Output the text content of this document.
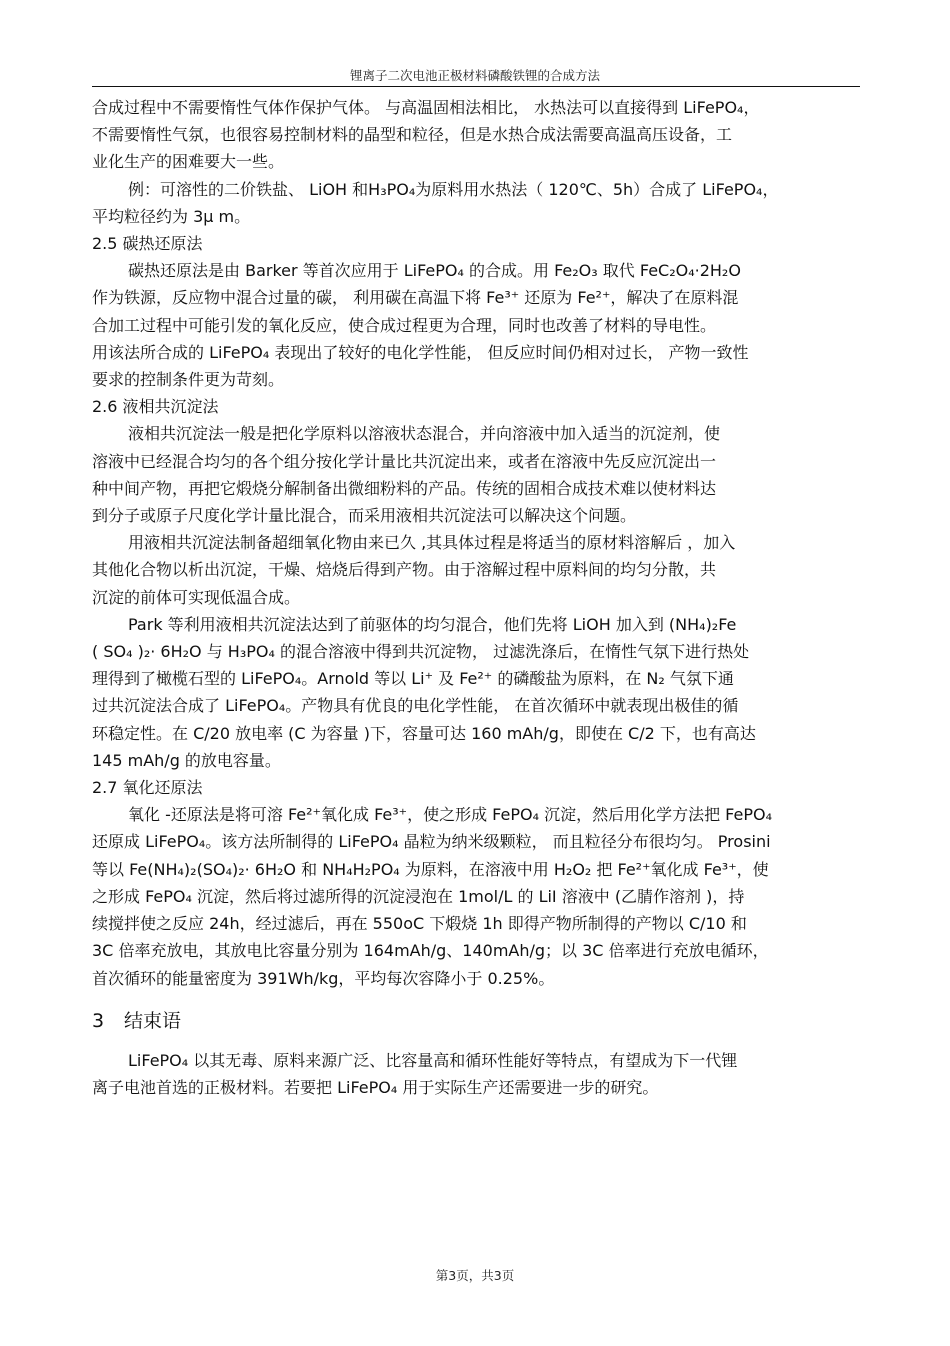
锂离子二次电池正极材料磷酸铁锂的合成方法
合成过程中不需要惰性气体作保护气体。 与高温固相法相比， 水热法可以直接得到 LiFePO₄，
不需要惰性气氛，也很容易控制材料的晶型和粒径，但是水热合成法需要高温高压设备，工
业化生产的困难要大一些。
例：可溶性的二价铁盐、 LiOH 和H₃PO₄为原料用水热法（ 120℃、5h）合成了 LiFePO₄，
平均粒径约为 3μ m。
2.5 碳热还原法
碳热还原法是由 Barker 等首次应用于 LiFePO₄ 的合成。用 Fe₂O₃ 取代 FeC₂O₄·2H₂O
作为铁源，反应物中混合过量的碳， 利用碳在高温下将 Fe³⁺ 还原为 Fe²⁺，解决了在原料混
合加工过程中可能引发的氧化反应，使合成过程更为合理，同时也改善了材料的导电性。
用该法所合成的 LiFePO₄ 表现出了较好的电化学性能， 但反应时间仍相对过长， 产物一致性
要求的控制条件更为苛刻。
2.6 液相共沉淀法
液相共沉淀法一般是把化学原料以溶液状态混合，并向溶液中加入适当的沉淀剂，使
溶液中已经混合均匀的各个组分按化学计量比共沉淀出来，或者在溶液中先反应沉淀出一
种中间产物，再把它煅烧分解制备出微细粉料的产品。传统的固相合成技术难以使材料达
到分子或原子尺度化学计量比混合，而采用液相共沉淀法可以解决这个问题。
用液相共沉淀法制备超细氧化物由来已久 ,其具体过程是将适当的原材料溶解后 ，加入
其他化合物以析出沉淀，干燥、焙烧后得到产物。由于溶解过程中原料间的均匀分散，共
沉淀的前体可实现低温合成。
Park 等利用液相共沉淀法达到了前驱体的均匀混合，他们先将 LiOH 加入到 (NH₄)₂Fe
( SO₄ )₂· 6H₂O 与 H₃PO₄ 的混合溶液中得到共沉淀物， 过滤洗涤后，在惰性气氛下进行热处
理得到了橄榄石型的 LiFePO₄。Arnold 等以 Li⁺ 及 Fe²⁺ 的磷酸盐为原料，在 N₂ 气氛下通
过共沉淀法合成了 LiFePO₄。产物具有优良的电化学性能， 在首次循环中就表现出极佳的循
环稳定性。在 C/20 放电率 (C 为容量 )下，容量可达 160 mAh/g，即使在 C/2 下，也有高达
145 mAh/g 的放电容量。
2.7 氧化还原法
氧化 -还原法是将可溶 Fe²⁺氧化成 Fe³⁺，使之形成 FePO₄ 沉淀，然后用化学方法把 FePO₄
还原成 LiFePO₄。该方法所制得的 LiFePO₄ 晶粒为纳米级颗粒， 而且粒径分布很均匀。 Prosini
等以 Fe(NH₄)₂(SO₄)₂· 6H₂O 和 NH₄H₂PO₄ 为原料，在溶液中用 H₂O₂ 把 Fe²⁺氧化成 Fe³⁺，使
之形成 FePO₄ 沉淀，然后将过滤所得的沉淀浸泡在 1mol/L 的 LiI 溶液中 (乙腈作溶剂 )，持
续搅拌使之反应 24h，经过滤后，再在 550oC 下煅烧 1h 即得产物所制得的产物以 C/10 和
3C 倍率充放电，其放电比容量分别为 164mAh/g、140mAh/g；以 3C 倍率进行充放电循环，
首次循环的能量密度为 391Wh/kg，平均每次容降小于 0.25%。
3 结束语
LiFePO₄ 以其无毒、原料来源广泛、比容量高和循环性能好等特点，有望成为下一代锂
离子电池首选的正极材料。若要把 LiFePO₄ 用于实际生产还需要进一步的研究。
第3页，共3页
